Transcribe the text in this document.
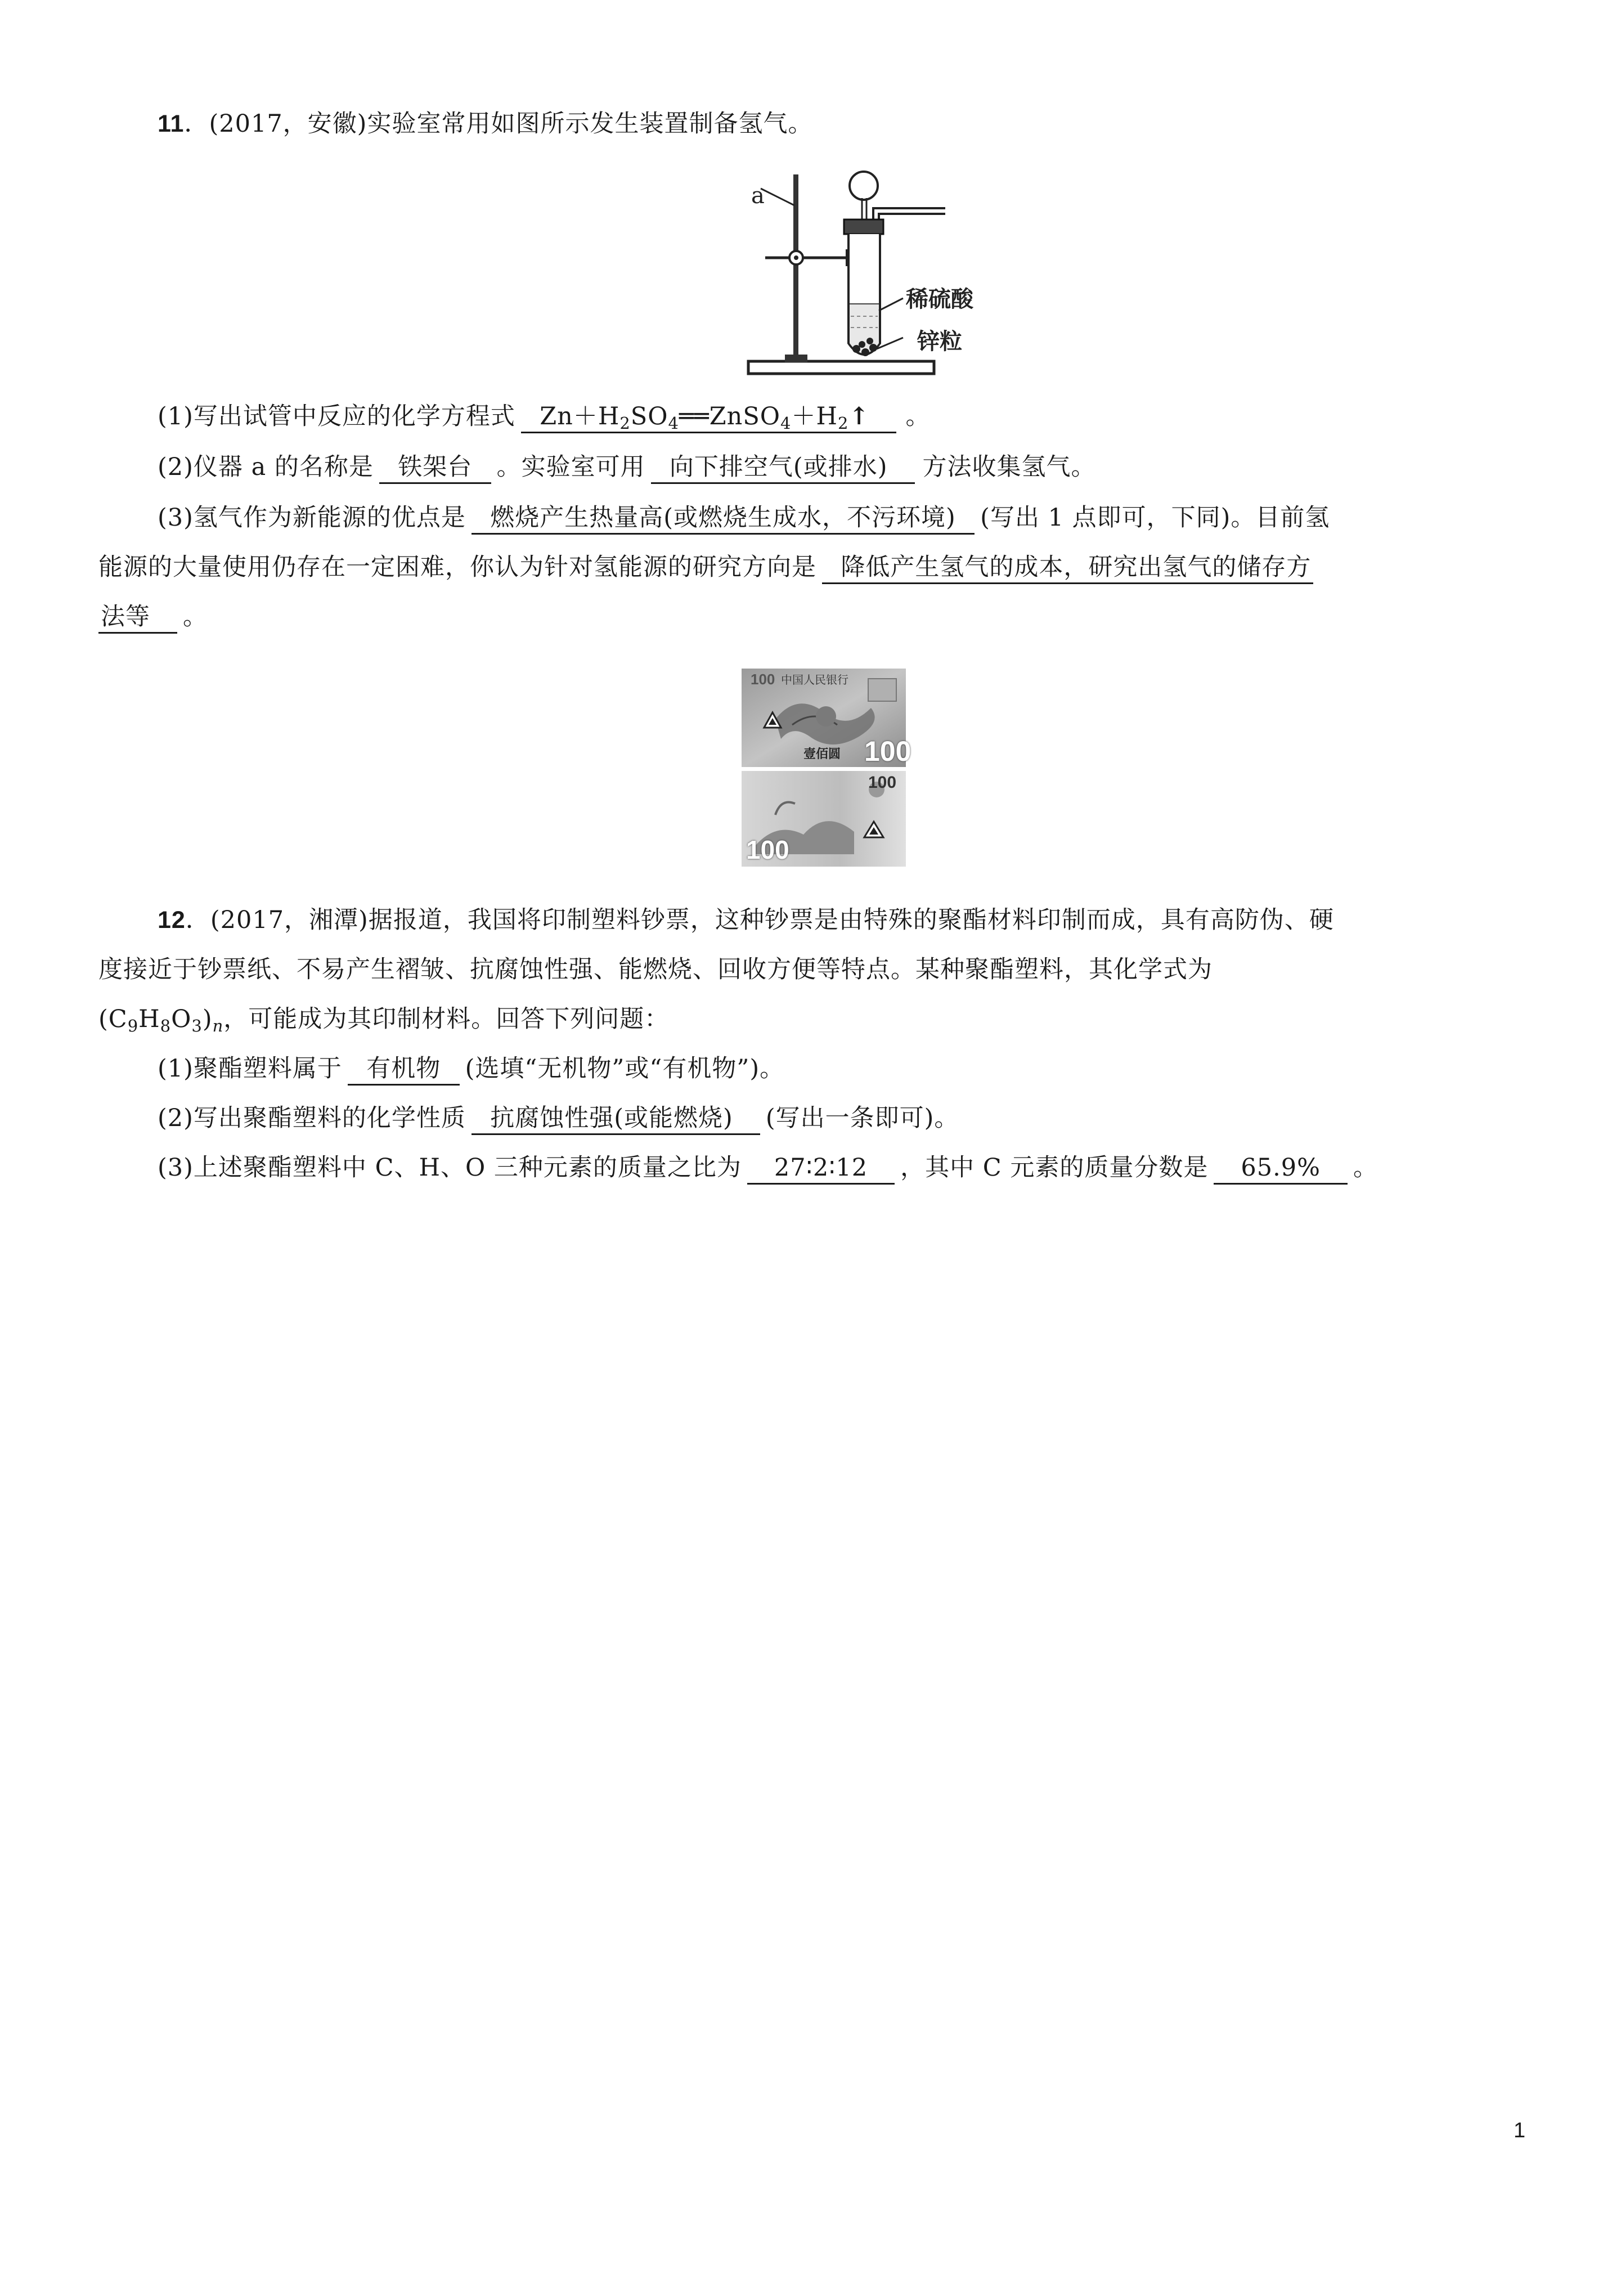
11．(2017，安徽)实验室常用如图所示发生装置制备氢气。
a
稀硫酸
锌粒
(1)写出试管中反应的化学方程式 $Zn+H_2SO_4══ZnSO_4+H_2↑$ 。
(2)仪器 a 的名称是 铁架台 。实验室可用 向下排空气(或排水) 方法收集氢气。
(3)氢气作为新能源的优点是 燃烧产生热量高(或燃烧生成水，不污环境) (写出 1 点即可，下同)。目前氢
能源的大量使用仍存在一定困难，你认为针对氢能源的研究方向是 降低产生氢气的成本，研究出氢气的储存方
法等 。
中国人民银行
100
100
壹佰圆
100
100
12．(2017，湘潭)据报道，我国将印制塑料钞票，这种钞票是由特殊的聚酯材料印制而成，具有高防伪、硬
度接近于钞票纸、不易产生褶皱、抗腐蚀性强、能燃烧、回收方便等特点。某种聚酯塑料，其化学式为
$(C_9H_8O_3)_n$，可能成为其印制材料。回答下列问题：
(1)聚酯塑料属于 有机物 (选填“无机物”或“有机物”)。
(2)写出聚酯塑料的化学性质 抗腐蚀性强(或能燃烧) (写出一条即可)。
(3)上述聚酯塑料中 C、H、O 三种元素的质量之比为 27∶2∶12 ，其中 C 元素的质量分数是 65.9% 。
1
